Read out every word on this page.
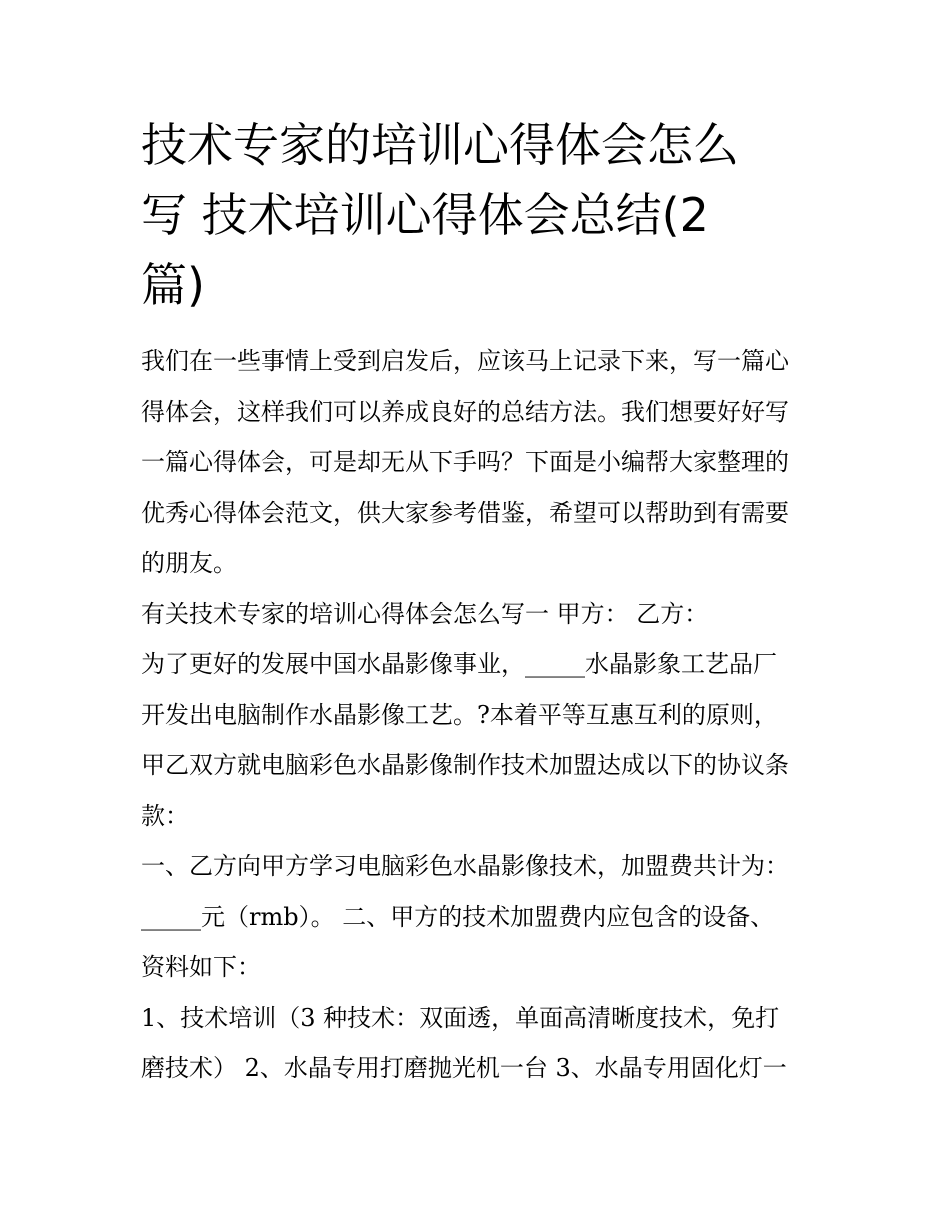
技术专家的培训心得体会怎么
写 技术培训心得体会总结(2
篇)
我们在一些事情上受到启发后，应该马上记录下来，写一篇心
得体会，这样我们可以养成良好的总结方法。我们想要好好写
一篇心得体会，可是却无从下手吗？下面是小编帮大家整理的
优秀心得体会范文，供大家参考借鉴，希望可以帮助到有需要
的朋友。
有关技术专家的培训心得体会怎么写一 甲方： 乙方：
为了更好的发展中国水晶影像事业，_____水晶影象工艺品厂
开发出电脑制作水晶影像工艺。?本着平等互惠互利的原则，
甲乙双方就电脑彩色水晶影像制作技术加盟达成以下的协议条
款：
一、乙方向甲方学习电脑彩色水晶影像技术，加盟费共计为：
_____元（rmb）。 二、甲方的技术加盟费内应包含的设备、
资料如下：
1、技术培训（3 种技术：双面透，单面高清晰度技术，免打
磨技术） 2、水晶专用打磨抛光机一台 3、水晶专用固化灯一
